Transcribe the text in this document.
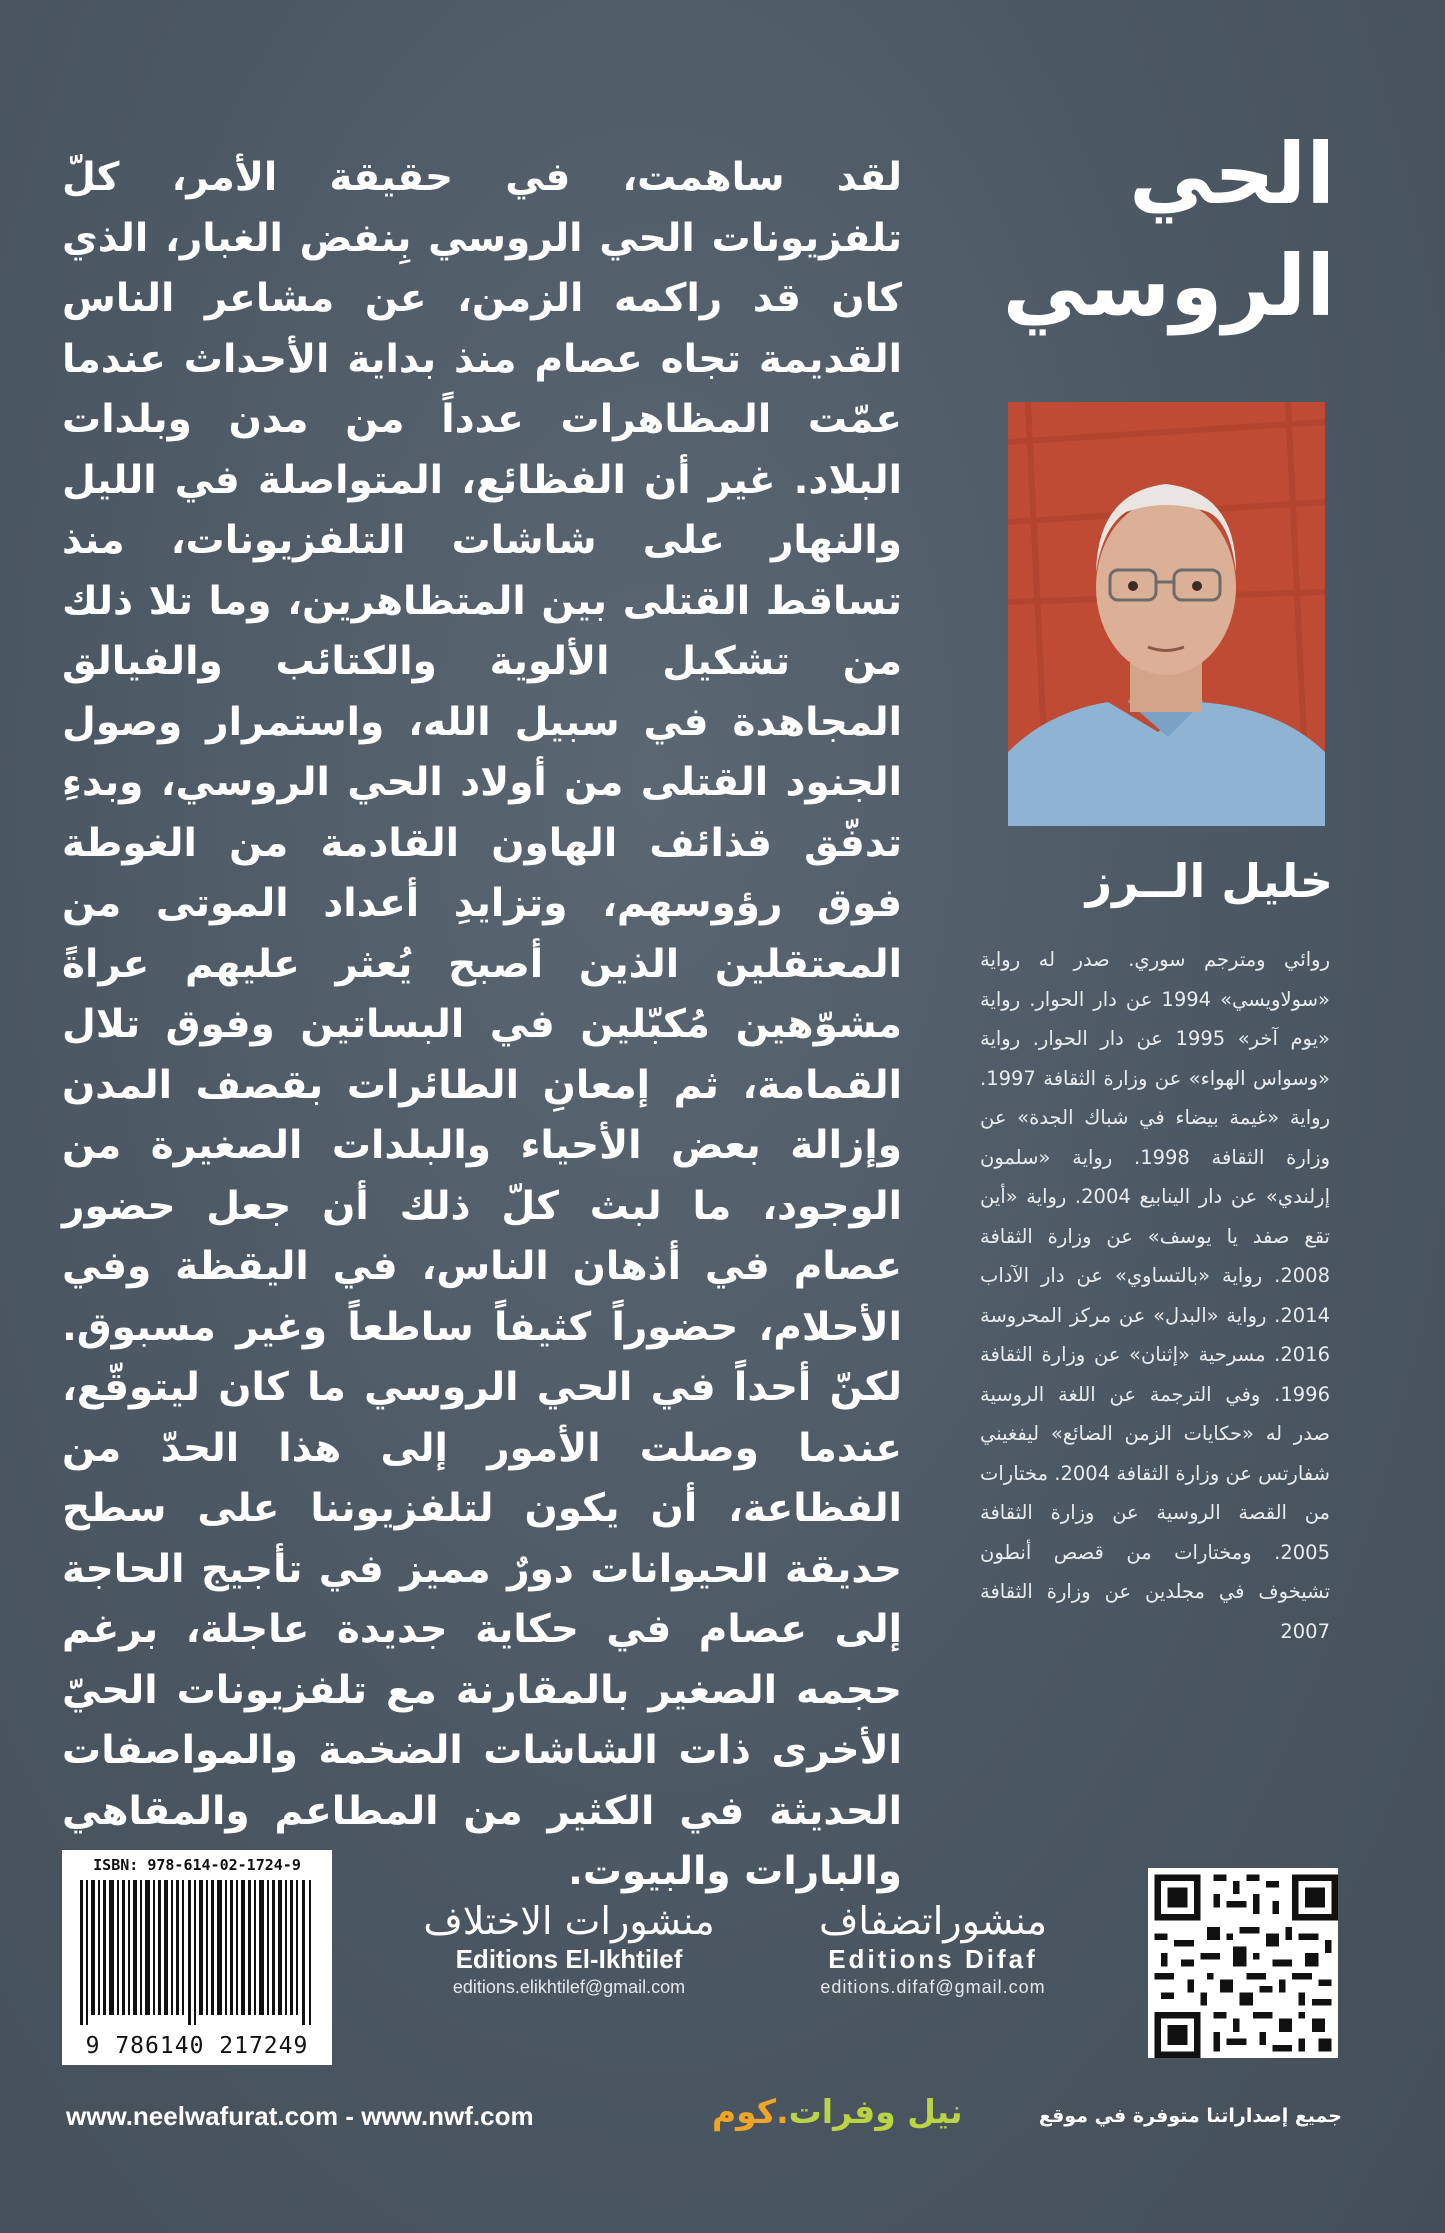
لقد ساهمت، في حقيقة الأمر، كلّ تلفزيونات الحي الروسي بِنفض الغبار، الذي كان قد راكمه الزمن، عن مشاعر الناس القديمة تجاه عصام منذ بداية الأحداث عندما عمّت المظاهرات عدداً من مدن وبلدات البلاد. غير أن الفظائع، المتواصلة في الليل والنهار على شاشات التلفزيونات، منذ تساقط القتلى بين المتظاهرين، وما تلا ذلك من تشكيل الألوية والكتائب والفيالق المجاهدة في سبيل الله، واستمرار وصول الجنود القتلى من أولاد الحي الروسي، وبدءِ تدفّق قذائف الهاون القادمة من الغوطة فوق رؤوسهم، وتزايدِ أعداد الموتى من المعتقلين الذين أصبح يُعثر عليهم عراةً مشوّهين مُكبّلين في البساتين وفوق تلال القمامة، ثم إمعانِ الطائرات بقصف المدن وإزالة بعض الأحياء والبلدات الصغيرة من الوجود، ما لبث كلّ ذلك أن جعل حضور عصام في أذهان الناس، في اليقظة وفي الأحلام، حضوراً كثيفاً ساطعاً وغير مسبوق. لكنّ أحداً في الحي الروسي ما كان ليتوقّع، عندما وصلت الأمور إلى هذا الحدّ من الفظاعة، أن يكون لتلفزيوننا على سطح حديقة الحيوانات دورٌ مميز في تأجيج الحاجة إلى عصام في حكاية جديدة عاجلة، برغم حجمه الصغير بالمقارنة مع تلفزيونات الحيّ الأخرى ذات الشاشات الضخمة والمواصفات الحديثة في الكثير من المطاعم والمقاهي والبارات والبيوت.
الحي
الروسي
خليل الــرز
روائي ومترجم سوري. صدر له رواية «سولاويسي» 1994 عن دار الحوار. رواية «يوم آخر» 1995 عن دار الحوار. رواية «وسواس الهواء» عن وزارة الثقافة 1997. رواية «غيمة بيضاء في شباك الجدة» عن وزارة الثقافة 1998. رواية «سلمون إرلندي» عن دار الينابيع 2004. رواية «أين تقع صفد يا يوسف» عن وزارة الثقافة 2008. رواية «بالتساوي» عن دار الآداب 2014. رواية «البدل» عن مركز المحروسة 2016. مسرحية «إثنان» عن وزارة الثقافة 1996. وفي الترجمة عن اللغة الروسية صدر له «حكايات الزمن الضائع» ليفغيني شفارتس عن وزارة الثقافة 2004. مختارات من القصة الروسية عن وزارة الثقافة 2005. ومختارات من قصص أنطون تشيخوف في مجلدين عن وزارة الثقافة 2007
ISBN: 978-614-02-1724-9
9 786140 217249
منشورات الاختلاف
Editions El-Ikhtilef
editions.elikhtilef@gmail.com
منشوراتضفاف
Editions Difaf
editions.difaf@gmail.com
www.neelwafurat.com - www.nwf.com	نيل وفرات.كوم	جميع إصداراتنا متوفرة في موقع
